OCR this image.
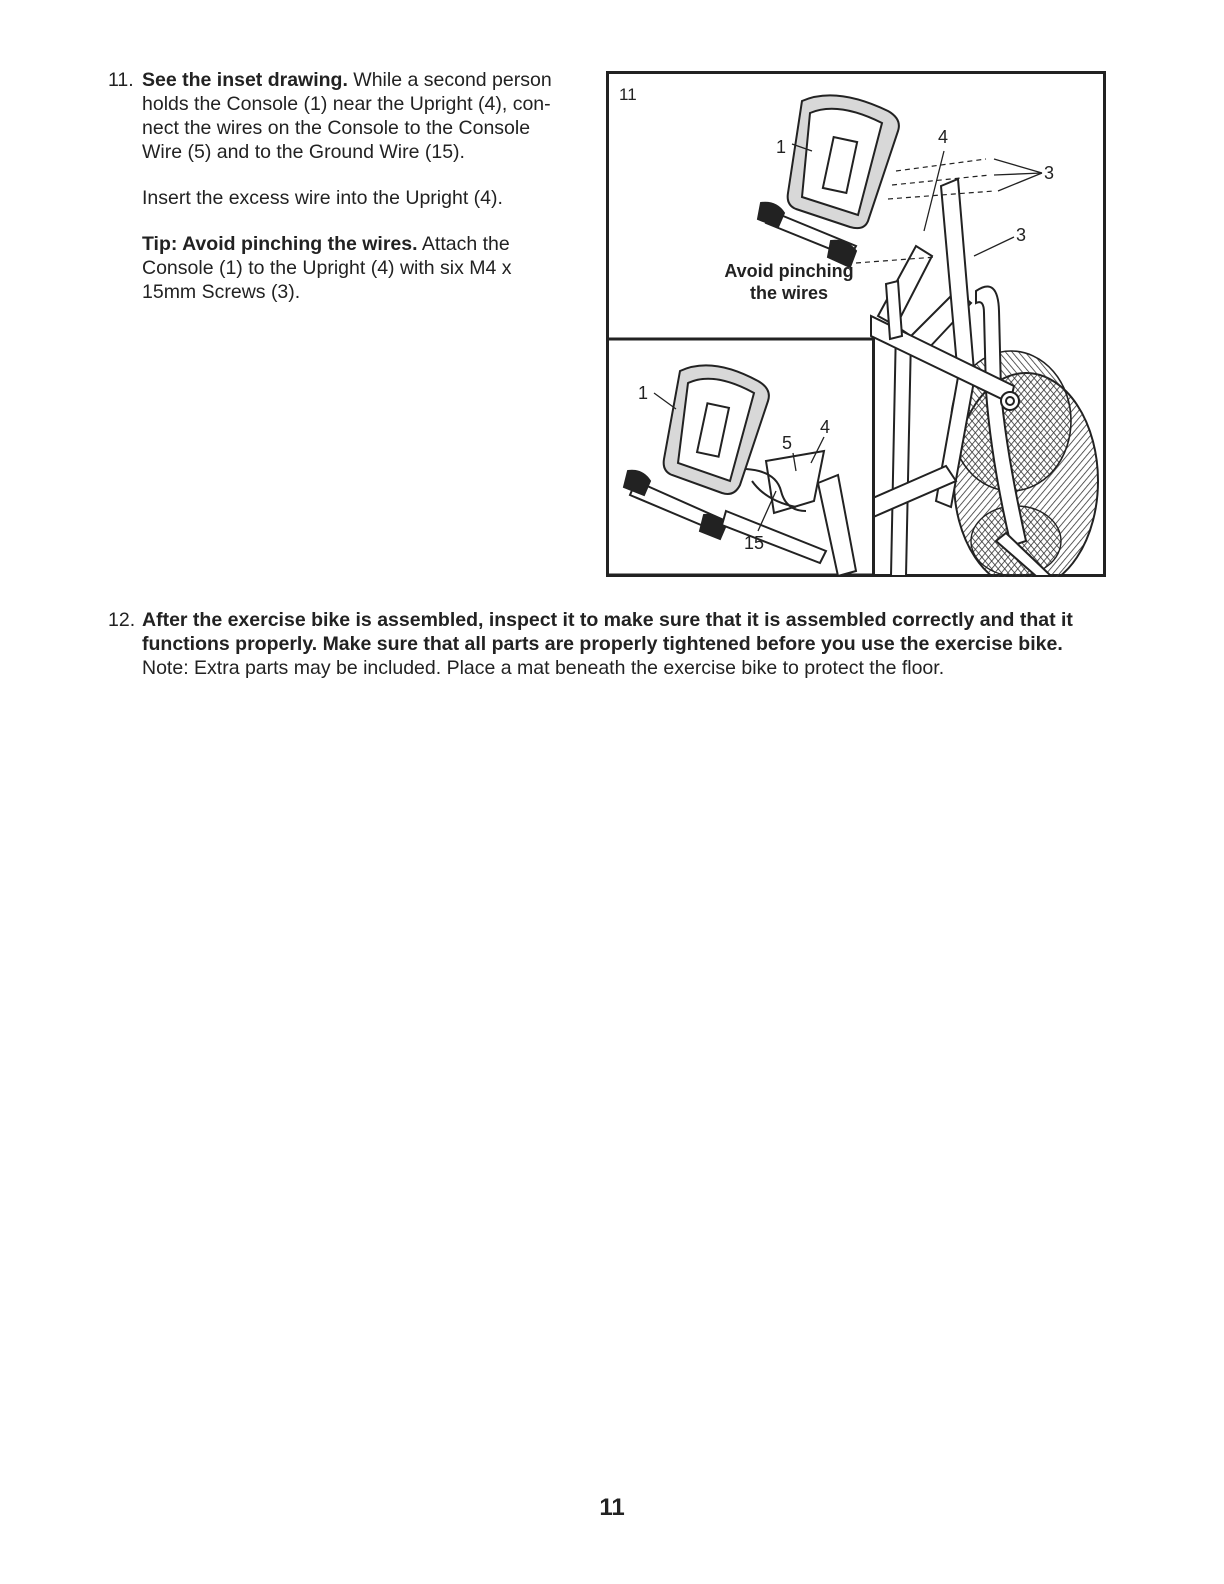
11. See the inset drawing. While a second person

holds the Console (1) near the Upright (4), con-

nect the wires on the Console to the Console

Wire (5) and to the Ground Wire (15).

Insert the excess wire into the Upright (4).

Tip: Avoid pinching the wires. Attach the

Console (1) to the Upright (4) with six M4 x

15mm Screws (3).

11
Avoid pinching
the wires
1	4
3
3
1
5
4
15
12. After the exercise bike is assembled, inspect it to make sure that it is assembled correctly and that it

functions properly. Make sure that all parts are properly tightened before you use the exercise bike.

Note: Extra parts may be included. Place a mat beneath the exercise bike to protect the floor.

11
